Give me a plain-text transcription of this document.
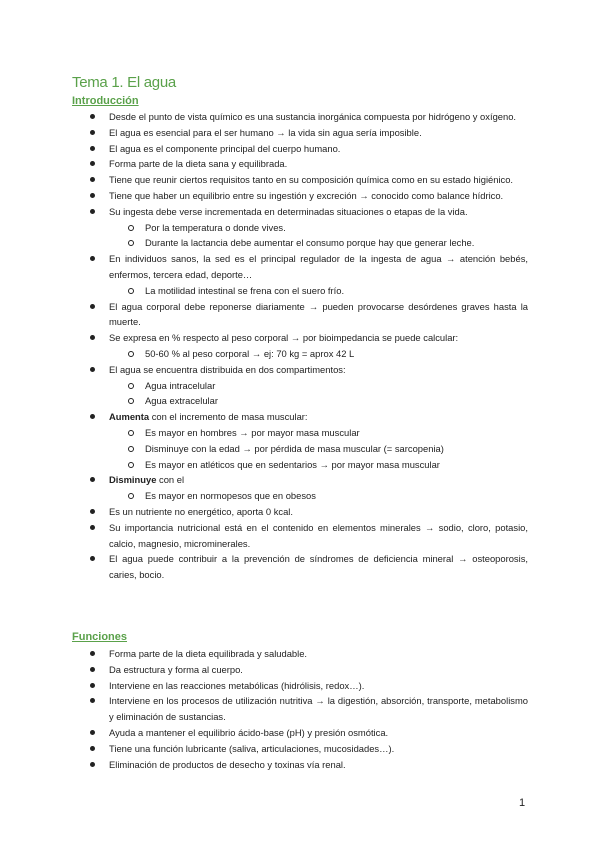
Tema 1. El agua
Introducción
Desde el punto de vista químico es una sustancia inorgánica compuesta por hidrógeno y oxígeno.
El agua es esencial para el ser humano → la vida sin agua sería imposible.
El agua es el componente principal del cuerpo humano.
Forma parte de la dieta sana y equilibrada.
Tiene que reunir ciertos requisitos tanto en su composición química como en su estado higiénico.
Tiene que haber un equilibrio entre su ingestión y excreción → conocido como balance hídrico.
Su ingesta debe verse incrementada en determinadas situaciones o etapas de la vida.
Por la temperatura o donde vives.
Durante la lactancia debe aumentar el consumo porque hay que generar leche.
En individuos sanos, la sed es el principal regulador de la ingesta de agua → atención bebés, enfermos, tercera edad, deporte…
La motilidad intestinal se frena con el suero frío.
El agua corporal debe reponerse diariamente → pueden provocarse desórdenes graves hasta la muerte.
Se expresa en % respecto al peso corporal → por bioimpedancia se puede calcular:
50-60 % al peso corporal → ej: 70 kg = aprox 42 L
El agua se encuentra distribuida en dos compartimentos:
Agua intracelular
Agua extracelular
Aumenta con el incremento de masa muscular:
Es mayor en hombres → por mayor masa muscular
Disminuye con la edad → por pérdida de masa muscular (= sarcopenia)
Es mayor en atléticos que en sedentarios → por mayor masa muscular
Disminuye con el
Es mayor en normopesos que en obesos
Es un nutriente no energético, aporta 0 kcal.
Su importancia nutricional está en el contenido en elementos minerales → sodio, cloro, potasio, calcio, magnesio, microminerales.
El agua puede contribuir a la prevención de síndromes de deficiencia mineral → osteoporosis, caries, bocio.
Funciones
Forma parte de la dieta equilibrada y saludable.
Da estructura y forma al cuerpo.
Interviene en las reacciones metabólicas (hidrólisis, redox…).
Interviene en los procesos de utilización nutritiva → la digestión, absorción, transporte, metabolismo y eliminación de sustancias.
Ayuda a mantener el equilibrio ácido-base (pH) y presión osmótica.
Tiene una función lubricante (saliva, articulaciones, mucosidades…).
Eliminación de productos de desecho y toxinas vía renal.
1
